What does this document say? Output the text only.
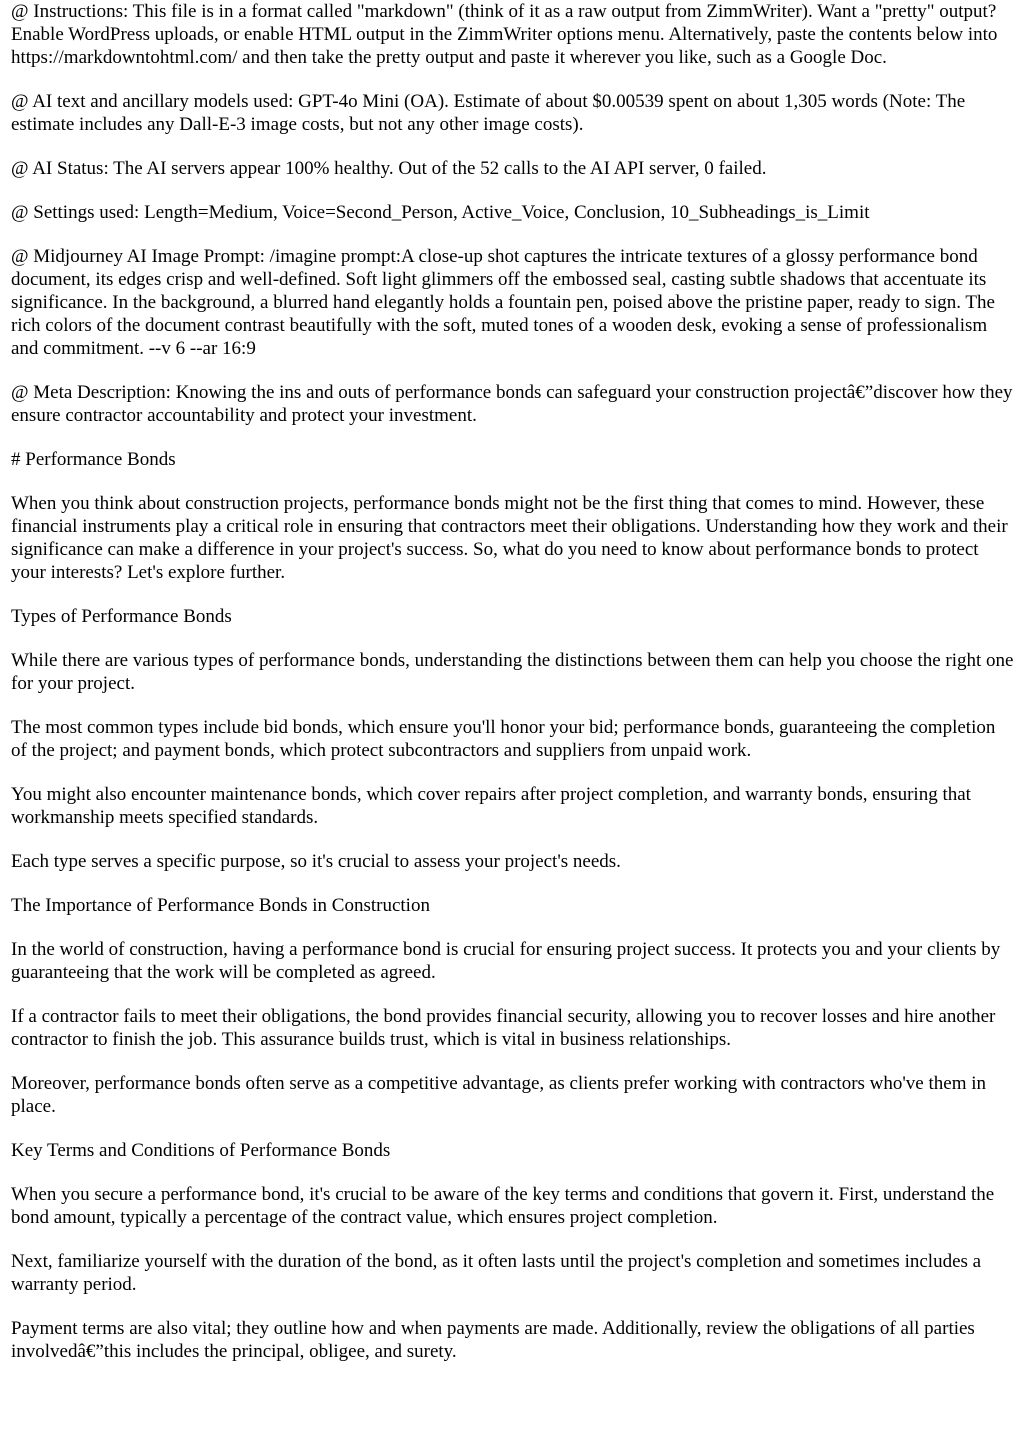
@ Instructions: This file is in a format called "markdown" (think of it as a raw output from ZimmWriter). Want a "pretty" output? Enable WordPress uploads, or enable HTML output in the ZimmWriter options menu. Alternatively, paste the contents below into https://markdowntohtml.com/ and then take the pretty output and paste it wherever you like, such as a Google Doc.

@ AI text and ancillary models used: GPT-4o Mini (OA). Estimate of about $0.00539 spent on about 1,305 words (Note: The estimate includes any Dall-E-3 image costs, but not any other image costs).

@ AI Status: The AI servers appear 100% healthy. Out of the 52 calls to the AI API server, 0 failed.

@ Settings used: Length=Medium, Voice=Second_Person, Active_Voice, Conclusion, 10_Subheadings_is_Limit

@ Midjourney AI Image Prompt: /imagine prompt:A close-up shot captures the intricate textures of a glossy performance bond document, its edges crisp and well-defined. Soft light glimmers off the embossed seal, casting subtle shadows that accentuate its significance. In the background, a blurred hand elegantly holds a fountain pen, poised above the pristine paper, ready to sign. The rich colors of the document contrast beautifully with the soft, muted tones of a wooden desk, evoking a sense of professionalism and commitment. --v 6 --ar 16:9

@ Meta Description: Knowing the ins and outs of performance bonds can safeguard your construction projectâ€”discover how they ensure contractor accountability and protect your investment.

# Performance Bonds

When you think about construction projects, performance bonds might not be the first thing that comes to mind. However, these financial instruments play a critical role in ensuring that contractors meet their obligations. Understanding how they work and their significance can make a difference in your project's success. So, what do you need to know about performance bonds to protect your interests? Let's explore further.

Types of Performance Bonds

While there are various types of performance bonds, understanding the distinctions between them can help you choose the right one for your project.

The most common types include bid bonds, which ensure you'll honor your bid; performance bonds, guaranteeing the completion of the project; and payment bonds, which protect subcontractors and suppliers from unpaid work.

You might also encounter maintenance bonds, which cover repairs after project completion, and warranty bonds, ensuring that workmanship meets specified standards.

Each type serves a specific purpose, so it's crucial to assess your project's needs.

The Importance of Performance Bonds in Construction

In the world of construction, having a performance bond is crucial for ensuring project success. It protects you and your clients by guaranteeing that the work will be completed as agreed.

If a contractor fails to meet their obligations, the bond provides financial security, allowing you to recover losses and hire another contractor to finish the job. This assurance builds trust, which is vital in business relationships.

Moreover, performance bonds often serve as a competitive advantage, as clients prefer working with contractors who've them in place.

Key Terms and Conditions of Performance Bonds

When you secure a performance bond, it's crucial to be aware of the key terms and conditions that govern it. First, understand the bond amount, typically a percentage of the contract value, which ensures project completion.

Next, familiarize yourself with the duration of the bond, as it often lasts until the project's completion and sometimes includes a warranty period.

Payment terms are also vital; they outline how and when payments are made. Additionally, review the obligations of all parties involvedâ€”this includes the principal, obligee, and surety.
